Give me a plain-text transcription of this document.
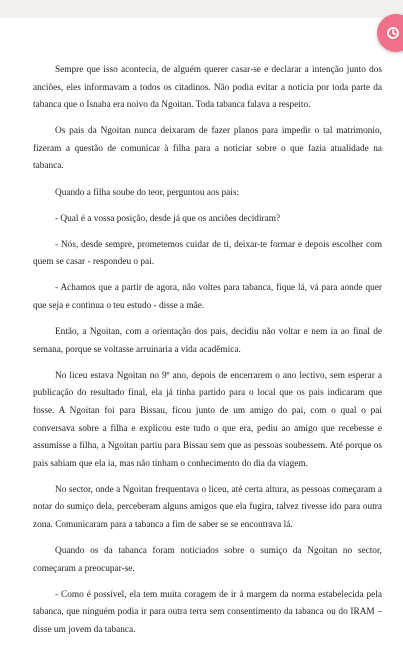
Sempre que isso acontecia, de alguém querer casar-se e declarar a intenção junto dos anciões, eles informavam a todos os citadinos. Não podia evitar a notícia por toda parte da tabanca que o Isnaba era noivo da Ngoitan. Toda tabanca falava a respeito.

Os pais da Ngoitan nunca deixaram de fazer planos para impedir o tal matrimonio, fizeram a questão de comunicar à filha para a noticiar sobre o que fazia atualidade na tabanca.

Quando a filha soube do teor, perguntou aos pais:

- Qual é a vossa posição, desde já que os anciões decidiram?

- Nós, desde sempre, prometemos cuidar de ti, deixar-te formar e depois escolher com quem se casar - respondeu o pai.

- Achamos que a partir de agora, não voltes para tabanca, fique lá, vá para aonde quer que seja e continua o teu estudo - disse a mãe.

Então, a Ngoitan, com a orientação dos pais, decidiu não voltar e nem ia ao final de semana, porque se voltasse arruinaria a vida acadêmica.

No liceu estava Ngoitan no 9º ano, depois de encerrarem o ano lectivo, sem esperar a publicação do resultado final, ela já tinha partido para o local que os pais indicaram que fosse. A Ngoitan foi para Bissau, ficou junto de um amigo do pai, com o qual o pai conversava sobre a filha e explicou este tudo o que era, pediu ao amigo que recebesse e assumisse a filha, a Ngoitan partiu para Bissau sem que as pessoas soubessem. Até porque os pais sabiam que ela ia, mas não tinham o conhecimento do dia da viagem.

No sector, onde a Ngoitan frequentava o liceu, até certa altura, as pessoas começaram a notar do sumiço dela, perceberam alguns amigos que ela fugira, talvez tivesse ido para outra zona. Comunicaram para a tabanca a fim de saber se se encontrava lá.

Quando os da tabanca foram noticiados sobre o sumiço da Ngoitan no sector, começaram a preocupar-se.

- Como é possível, ela tem muita coragem de ir à margem da norma estabelecida pela tabanca, que ninguém podia ir para outra terra sem consentimento da tabanca ou do IRAM – disse um jovem da tabanca.
